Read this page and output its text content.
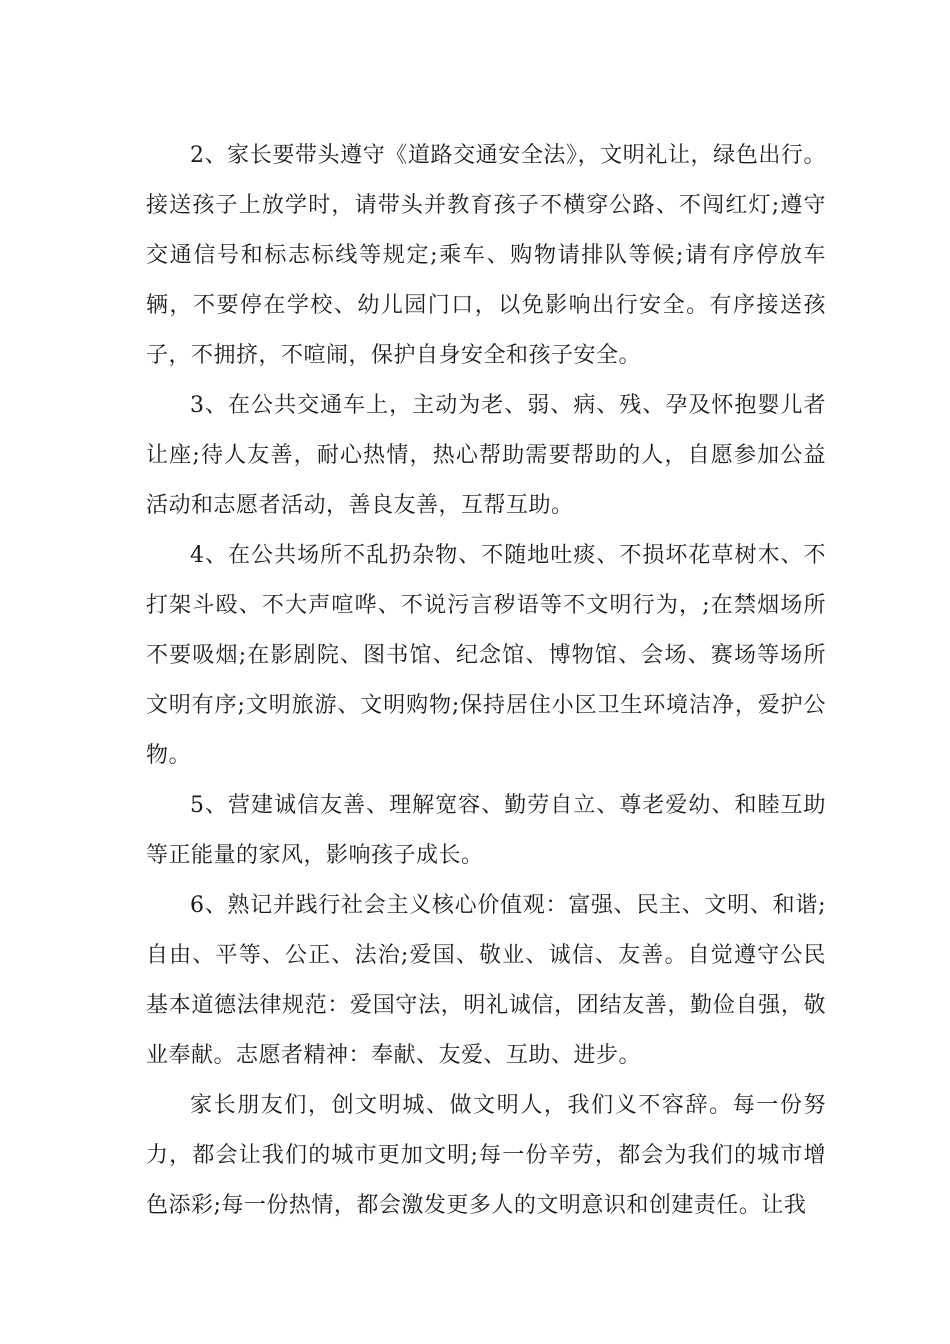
2、家长要带头遵守《道路交通安全法》，文明礼让，绿色出行。接送孩子上放学时，请带头并教育孩子不横穿公路、不闯红灯;遵守交通信号和标志标线等规定;乘车、购物请排队等候;请有序停放车辆，不要停在学校、幼儿园门口，以免影响出行安全。有序接送孩子，不拥挤，不喧闹，保护自身安全和孩子安全。

3、在公共交通车上，主动为老、弱、病、残、孕及怀抱婴儿者让座;待人友善，耐心热情，热心帮助需要帮助的人，自愿参加公益活动和志愿者活动，善良友善，互帮互助。

4、在公共场所不乱扔杂物、不随地吐痰、不损坏花草树木、不打架斗殴、不大声喧哗、不说污言秽语等不文明行为，;在禁烟场所不要吸烟;在影剧院、图书馆、纪念馆、博物馆、会场、赛场等场所文明有序;文明旅游、文明购物;保持居住小区卫生环境洁净，爱护公物。

5、营建诚信友善、理解宽容、勤劳自立、尊老爱幼、和睦互助等正能量的家风，影响孩子成长。

6、熟记并践行社会主义核心价值观：富强、民主、文明、和谐;自由、平等、公正、法治;爱国、敬业、诚信、友善。自觉遵守公民基本道德法律规范：爱国守法，明礼诚信，团结友善，勤俭自强，敬业奉献。志愿者精神：奉献、友爱、互助、进步。

家长朋友们，创文明城、做文明人，我们义不容辞。每一份努力，都会让我们的城市更加文明;每一份辛劳，都会为我们的城市增色添彩;每一份热情，都会激发更多人的文明意识和创建责任。让我
